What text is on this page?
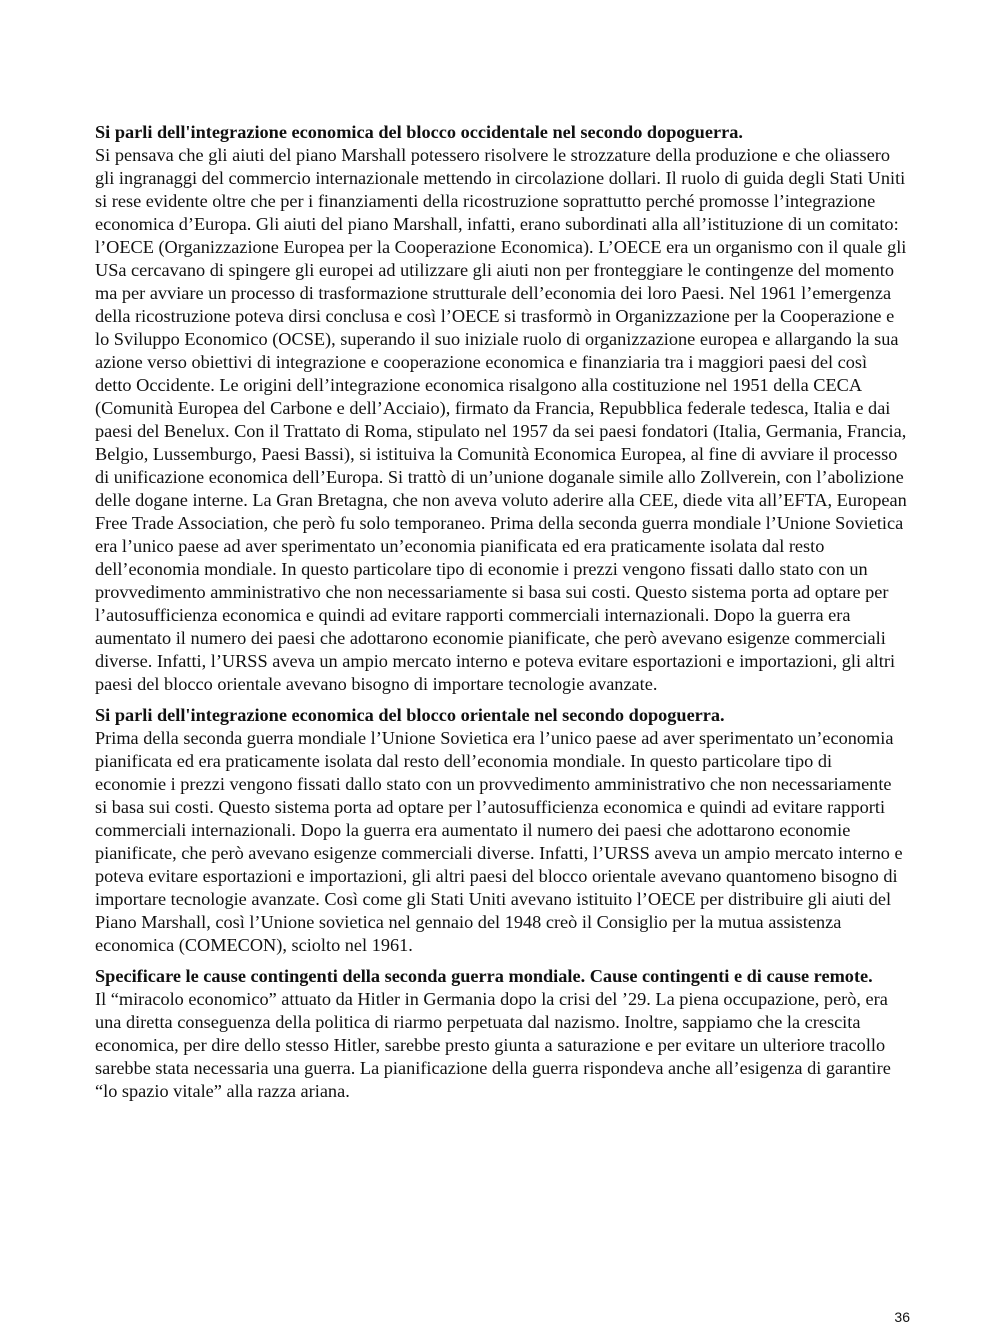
Si parli dell'integrazione economica del blocco occidentale nel secondo dopoguerra.

Si pensava che gli aiuti del piano Marshall potessero risolvere le strozzature della produzione e che oliassero gli ingranaggi del commercio internazionale mettendo in circolazione dollari. Il ruolo di guida degli Stati Uniti si rese evidente oltre che per i finanziamenti della ricostruzione soprattutto perché promosse l’integrazione economica d’Europa. Gli aiuti del piano Marshall, infatti, erano subordinati alla all’istituzione di un comitato: l’OECE (Organizzazione Europea per la Cooperazione Economica). L’OECE era un organismo con il quale gli USa cercavano di spingere gli europei ad utilizzare gli aiuti non per fronteggiare le contingenze del momento ma per avviare un processo di trasformazione strutturale dell’economia dei loro Paesi. Nel 1961 l’emergenza della ricostruzione poteva dirsi conclusa e così l’OECE si trasformò in Organizzazione per la Cooperazione e lo Sviluppo Economico (OCSE), superando il suo iniziale ruolo di organizzazione europea e allargando la sua azione verso obiettivi di integrazione e cooperazione economica e finanziaria tra i maggiori paesi del così detto Occidente. Le origini dell’integrazione economica risalgono alla costituzione nel 1951 della CECA (Comunità Europea del Carbone e dell’Acciaio), firmato da Francia, Repubblica federale tedesca, Italia e dai paesi del Benelux. Con il Trattato di Roma, stipulato nel 1957 da sei paesi fondatori (Italia, Germania, Francia, Belgio, Lussemburgo, Paesi Bassi), si istituiva la Comunità Economica Europea, al fine di avviare il processo di unificazione economica dell’Europa. Si trattò di un’unione doganale simile allo Zollverein, con l’abolizione delle dogane interne. La Gran Bretagna, che non aveva voluto aderire alla CEE, diede vita all’EFTA, European Free Trade Association, che però fu solo temporaneo. Prima della seconda guerra mondiale l’Unione Sovietica era l’unico paese ad aver sperimentato un’economia pianificata ed era praticamente isolata dal resto dell’economia mondiale. In questo particolare tipo di economie i prezzi vengono fissati dallo stato con un provvedimento amministrativo che non necessariamente si basa sui costi. Questo sistema porta ad optare per l’autosufficienza economica e quindi ad evitare rapporti commerciali internazionali. Dopo la guerra era aumentato il numero dei paesi che adottarono economie pianificate, che però avevano esigenze commerciali diverse. Infatti, l’URSS aveva un ampio mercato interno e poteva evitare esportazioni e importazioni, gli altri paesi del blocco orientale avevano bisogno di importare tecnologie avanzate.

Si parli dell'integrazione economica del blocco orientale nel secondo dopoguerra.

Prima della seconda guerra mondiale l’Unione Sovietica era l’unico paese ad aver sperimentato un’economia pianificata ed era praticamente isolata dal resto dell’economia mondiale. In questo particolare tipo di economie i prezzi vengono fissati dallo stato con un provvedimento amministrativo che non necessariamente si basa sui costi. Questo sistema porta ad optare per l’autosufficienza economica e quindi ad evitare rapporti commerciali internazionali. Dopo la guerra era aumentato il numero dei paesi che adottarono economie pianificate, che però avevano esigenze commerciali diverse. Infatti, l’URSS aveva un ampio mercato interno e poteva evitare esportazioni e importazioni, gli altri paesi del blocco orientale avevano quantomeno bisogno di importare tecnologie avanzate. Così come gli Stati Uniti avevano istituito l’OECE per distribuire gli aiuti del Piano Marshall, così l’Unione sovietica nel gennaio del 1948 creò il Consiglio per la mutua assistenza economica (COMECON), sciolto nel 1961.

Specificare le cause contingenti della seconda guerra mondiale. Cause contingenti e di cause remote.

Il “miracolo economico” attuato da Hitler in Germania dopo la crisi del ’29. La piena occupazione, però, era una diretta conseguenza della politica di riarmo perpetuata dal nazismo. Inoltre, sappiamo che la crescita economica, per dire dello stesso Hitler, sarebbe presto giunta a saturazione e per evitare un ulteriore tracollo sarebbe stata necessaria una guerra. La pianificazione della guerra rispondeva anche all’esigenza di garantire “lo spazio vitale” alla razza ariana.

36
